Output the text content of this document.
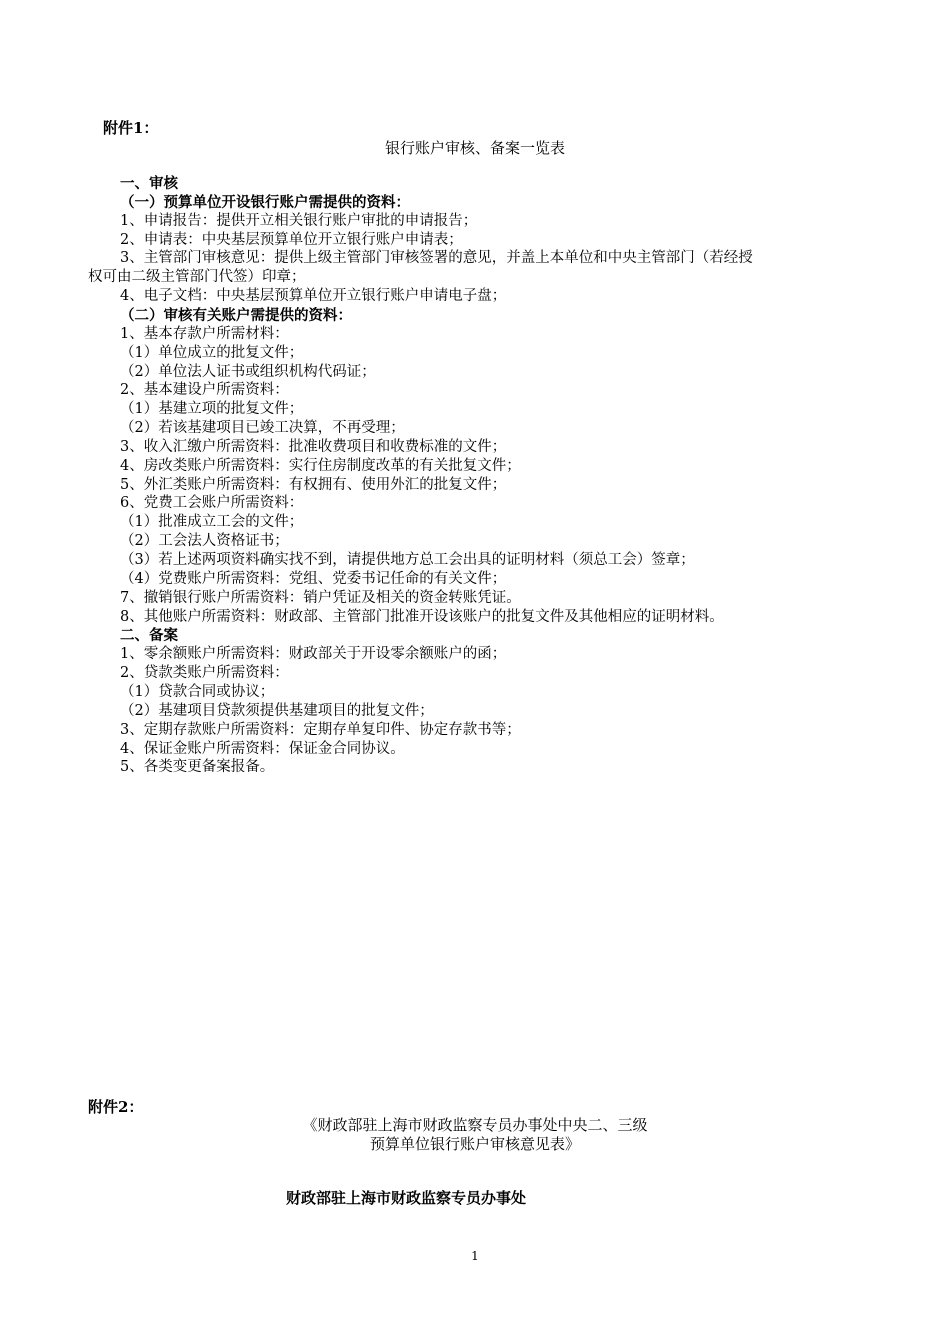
附件1：
银行账户审核、备案一览表
一、审核
（一）预算单位开设银行账户需提供的资料：
1、申请报告：提供开立相关银行账户审批的申请报告；
2、申请表：中央基层预算单位开立银行账户申请表；
3、主管部门审核意见：提供上级主管部门审核签署的意见，并盖上本单位和中央主管部门（若经授
权可由二级主管部门代签）印章；
4、电子文档：中央基层预算单位开立银行账户申请电子盘；
（二）审核有关账户需提供的资料：
1、基本存款户所需材料：
（1）单位成立的批复文件；
（2）单位法人证书或组织机构代码证；
2、基本建设户所需资料：
（1）基建立项的批复文件；
（2）若该基建项目已竣工决算，不再受理；
3、收入汇缴户所需资料：批准收费项目和收费标准的文件；
4、房改类账户所需资料：实行住房制度改革的有关批复文件；
5、外汇类账户所需资料：有权拥有、使用外汇的批复文件；
6、党费工会账户所需资料：
（1）批准成立工会的文件；
（2）工会法人资格证书；
（3）若上述两项资料确实找不到，请提供地方总工会出具的证明材料（须总工会）签章；
（4）党费账户所需资料：党组、党委书记任命的有关文件；
7、撤销银行账户所需资料：销户凭证及相关的资金转账凭证。
8、其他账户所需资料：财政部、主管部门批准开设该账户的批复文件及其他相应的证明材料。
二、备案
1、零余额账户所需资料：财政部关于开设零余额账户的函；
2、贷款类账户所需资料：
（1）贷款合同或协议；
（2）基建项目贷款须提供基建项目的批复文件；
3、定期存款账户所需资料：定期存单复印件、协定存款书等；
4、保证金账户所需资料：保证金合同协议。
5、各类变更备案报备。
附件2：
《财政部驻上海市财政监察专员办事处中央二、三级
预算单位银行账户审核意见表》
财政部驻上海市财政监察专员办事处
1
